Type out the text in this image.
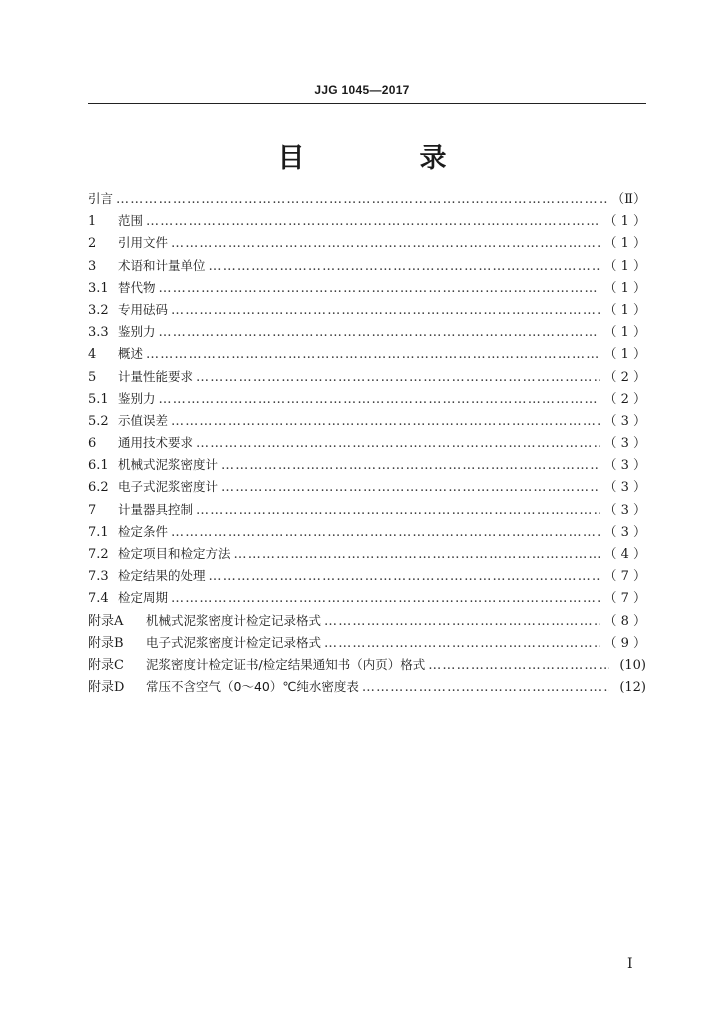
JJG 1045—2017
目　录
引言 ……………………………………………………………………………………………………………………………………………………	（Ⅱ）
1	范围 ……………………………………………………………………………………………………………………………………………………	（ 1 ）
2	引用文件 ……………………………………………………………………………………………………………………………………………………	（ 1 ）
3	术语和计量单位 ……………………………………………………………………………………………………………………………………………………	（ 1 ）
3.1 替代物 ……………………………………………………………………………………………………………………………………………………	（ 1 ）
3.2 专用砝码 ……………………………………………………………………………………………………………………………………………………	（ 1 ）
3.3 鉴别力 ……………………………………………………………………………………………………………………………………………………	（ 1 ）
4	概述 ……………………………………………………………………………………………………………………………………………………	（ 1 ）
5	计量性能要求 ……………………………………………………………………………………………………………………………………………………	（ 2 ）
5.1 鉴别力 ……………………………………………………………………………………………………………………………………………………	（ 2 ）
5.2 示值误差 ……………………………………………………………………………………………………………………………………………………	（ 3 ）
6	通用技术要求 ……………………………………………………………………………………………………………………………………………………	（ 3 ）
6.1 机械式泥浆密度计 ……………………………………………………………………………………………………………………………………………………	（ 3 ）
6.2 电子式泥浆密度计 ……………………………………………………………………………………………………………………………………………………	（ 3 ）
7	计量器具控制 ……………………………………………………………………………………………………………………………………………………	（ 3 ）
7.1 检定条件 ……………………………………………………………………………………………………………………………………………………	（ 3 ）
7.2 检定项目和检定方法 ……………………………………………………………………………………………………………………………………………………	（ 4 ）
7.3 检定结果的处理 ……………………………………………………………………………………………………………………………………………………	（ 7 ）
7.4 检定周期 ……………………………………………………………………………………………………………………………………………………	（ 7 ）
附录A	机械式泥浆密度计检定记录格式 ……………………………………………………………………………………………………………………………………………………	（ 8 ）
附录B	电子式泥浆密度计检定记录格式 ……………………………………………………………………………………………………………………………………………………	（ 9 ）
附录C	泥浆密度计检定证书/检定结果通知书（内页）格式 ……………………………………………………………………………………………………………………………………………………	(10)
附录D	常压不含空气（0～40）℃纯水密度表 ……………………………………………………………………………………………………………………………………………………	(12)
I
